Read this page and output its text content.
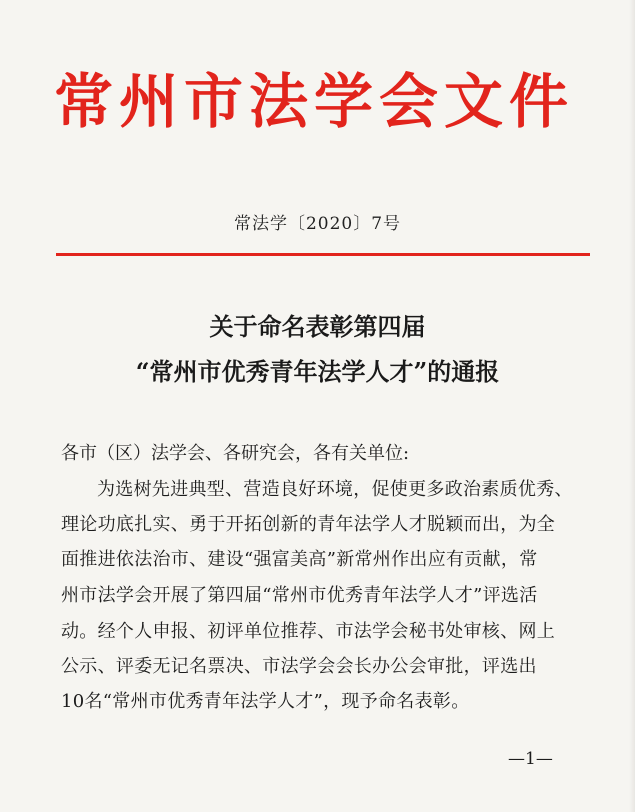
常州市法学会文件
常法学〔2020〕7号
关于命名表彰第四届
“常州市优秀青年法学人才”的通报
各市（区）法学会、各研究会，各有关单位:
为选树先进典型、营造良好环境，促使更多政治素质优秀、
理论功底扎实、勇于开拓创新的青年法学人才脱颖而出，为全
面推进依法治市、建设“强富美高”新常州作出应有贡献，常
州市法学会开展了第四届“常州市优秀青年法学人才”评选活
动。经个人申报、初评单位推荐、市法学会秘书处审核、网上
公示、评委无记名票决、市法学会会长办公会审批，评选出
10名“常州市优秀青年法学人才”，现予命名表彰。
—1—
